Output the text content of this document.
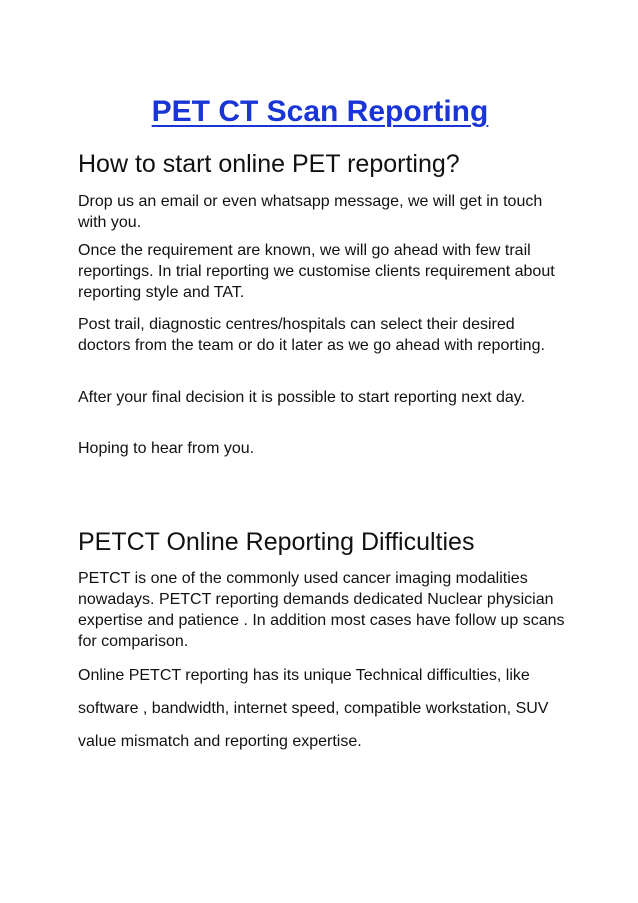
PET CT Scan Reporting
How to start online PET reporting?

Drop us an email or even whatsapp message, we will get in touch with you.

Once the requirement are known, we will go ahead with few trail reportings. In trial reporting we customise clients requirement about reporting style and TAT.

Post trail, diagnostic centres/hospitals can select their desired doctors from the team or do it later as we go ahead with reporting.

After your final decision it is possible to start reporting next day.

Hoping to hear from you.

PETCT Online Reporting Difficulties

PETCT is one of the commonly used cancer imaging modalities nowadays. PETCT reporting demands dedicated Nuclear physician expertise and patience . In addition most cases have follow up scans for comparison.

Online PETCT reporting has its unique Technical difficulties, like software , bandwidth, internet speed, compatible workstation, SUV value mismatch and reporting expertise.
